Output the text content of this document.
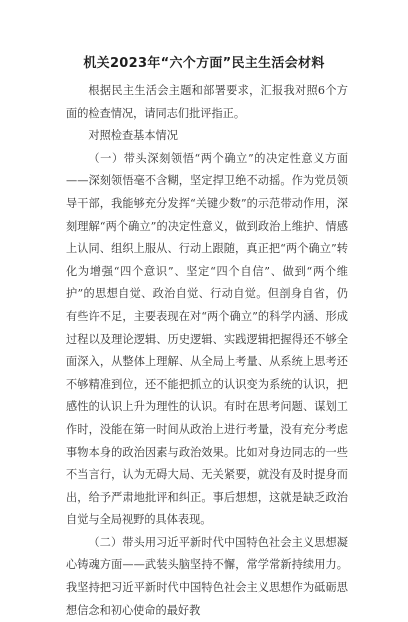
机关2023年“六个方面”民主生活会材料

根据民主生活会主题和部署要求，汇报我对照6个方面的检查情况，请同志们批评指正。

对照检查基本情况

（一）带头深刻领悟“两个确立”的决定性意义方面——深刻领悟毫不含糊，坚定捍卫绝不动摇。作为党员领导干部，我能够充分发挥“关键少数”的示范带动作用，深刻理解“两个确立”的决定性意义，做到政治上维护、情感上认同、组织上服从、行动上跟随，真正把“两个确立”转化为增强“四个意识”、坚定“四个自信”、做到“两个维护”的思想自觉、政治自觉、行动自觉。但剖身自省，仍有些许不足，主要表现在对“两个确立”的科学内涵、形成过程以及理论逻辑、历史逻辑、实践逻辑把握得还不够全面深入，从整体上理解、从全局上考量、从系统上思考还不够精准到位，还不能把抓立的认识变为系统的认识，把感性的认识上升为理性的认识。有时在思考问题、谋划工作时，没能在第一时间从政治上进行考量，没有充分考虑事物本身的政治因素与政治效果。比如对身边同志的一些不当言行，认为无碍大局、无关紧要，就没有及时提身而出，给予严肃地批评和纠正。事后想想，这就是缺乏政治自觉与全局视野的具体表现。

（二）带头用习近平新时代中国特色社会主义思想凝心铸魂方面——武装头脑坚持不懈，常学常新持续用力。我坚持把习近平新时代中国特色社会主义思想作为砥砺思想信念和初心使命的最好教
